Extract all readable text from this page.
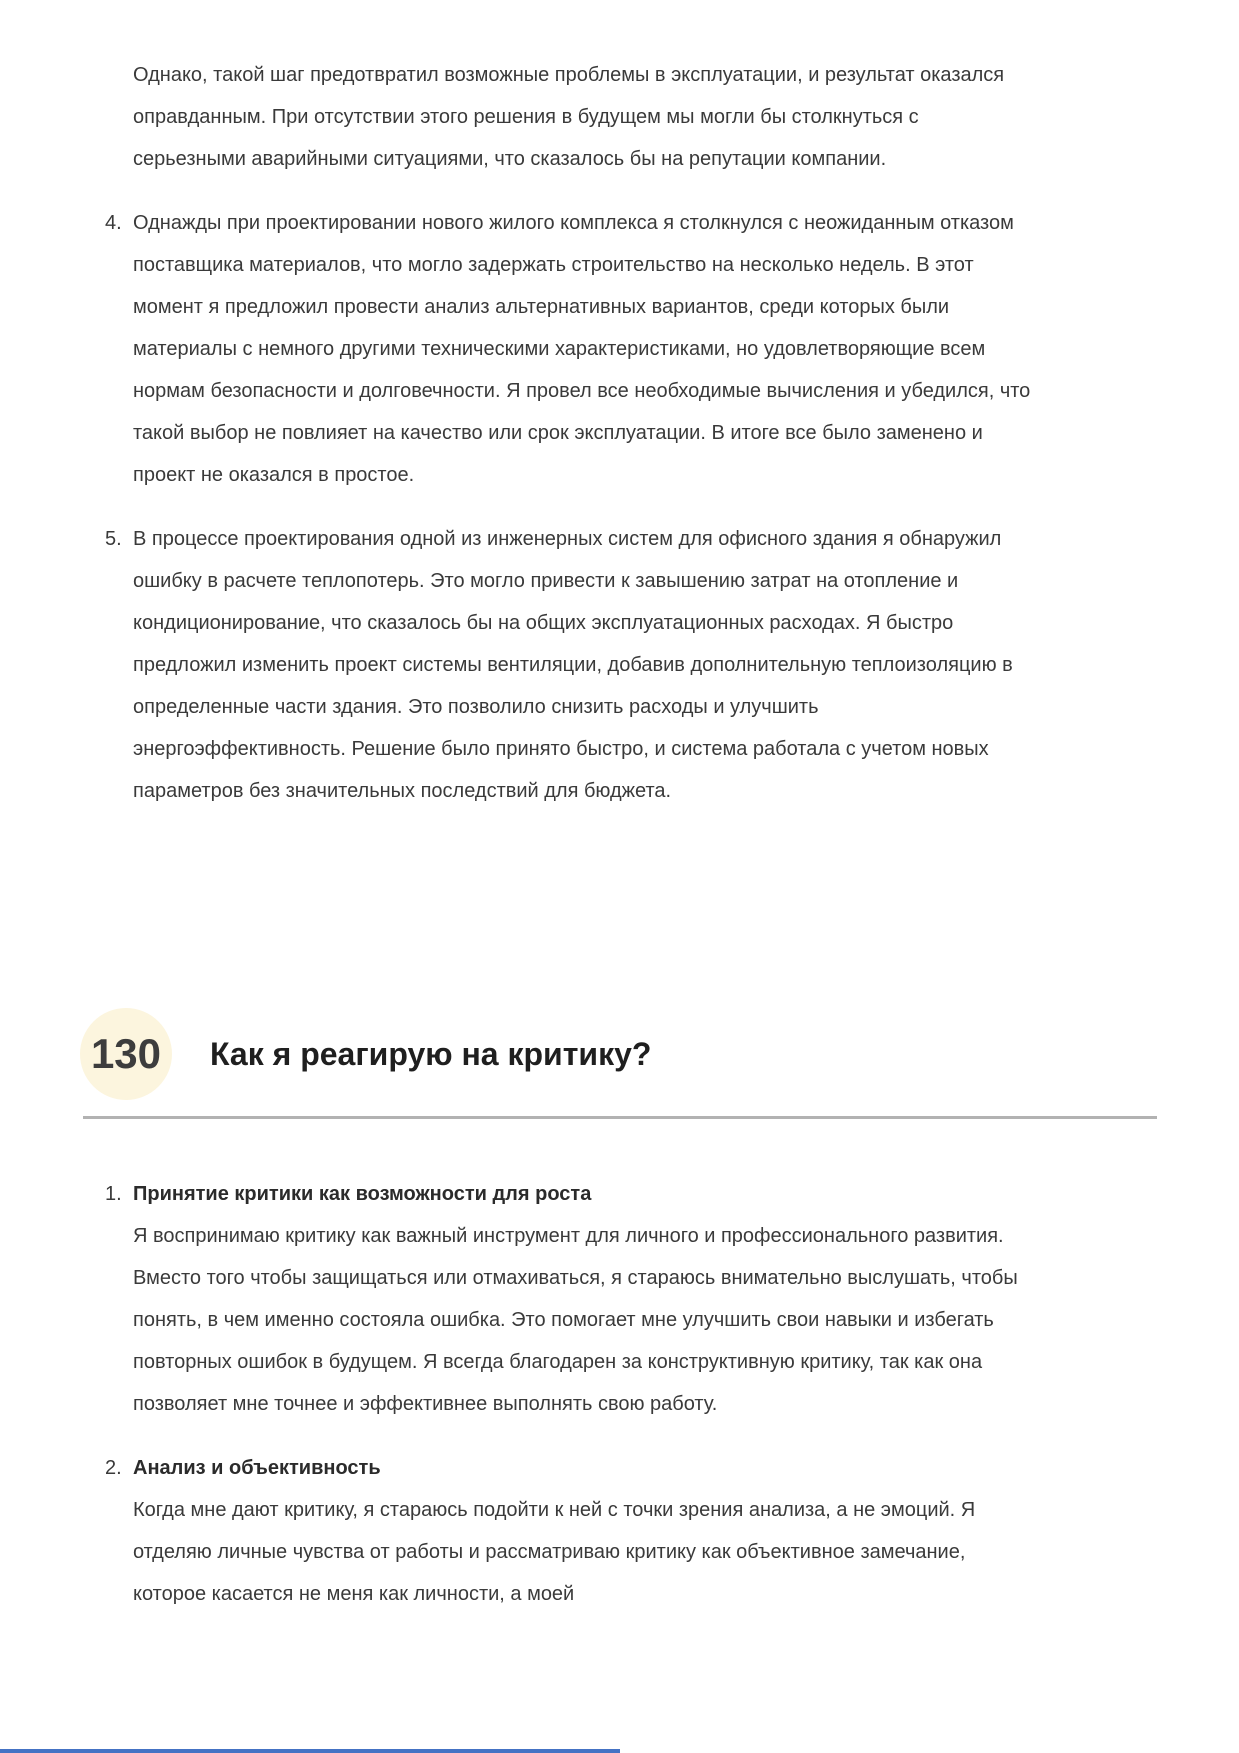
Однако, такой шаг предотвратил возможные проблемы в эксплуатации, и результат оказался оправданным. При отсутствии этого решения в будущем мы могли бы столкнуться с серьезными аварийными ситуациями, что сказалось бы на репутации компании.

4. Однажды при проектировании нового жилого комплекса я столкнулся с неожиданным отказом поставщика материалов, что могло задержать строительство на несколько недель. В этот момент я предложил провести анализ альтернативных вариантов, среди которых были материалы с немного другими техническими характеристиками, но удовлетворяющие всем нормам безопасности и долговечности. Я провел все необходимые вычисления и убедился, что такой выбор не повлияет на качество или срок эксплуатации. В итоге все было заменено и проект не оказался в простое.
5. В процессе проектирования одной из инженерных систем для офисного здания я обнаружил ошибку в расчете теплопотерь. Это могло привести к завышению затрат на отопление и кондиционирование, что сказалось бы на общих эксплуатационных расходах. Я быстро предложил изменить проект системы вентиляции, добавив дополнительную теплоизоляцию в определенные части здания. Это позволило снизить расходы и улучшить энергоэффективность. Решение было принято быстро, и система работала с учетом новых параметров без значительных последствий для бюджета.
130	Как я реагирую на критику?
1. Принятие критики как возможности для роста
Я воспринимаю критику как важный инструмент для личного и профессионального развития. Вместо того чтобы защищаться или отмахиваться, я стараюсь внимательно выслушать, чтобы понять, в чем именно состояла ошибка. Это помогает мне улучшить свои навыки и избегать повторных ошибок в будущем. Я всегда благодарен за конструктивную критику, так как она позволяет мне точнее и эффективнее выполнять свою работу.
2. Анализ и объективность
Когда мне дают критику, я стараюсь подойти к ней с точки зрения анализа, а не эмоций. Я отделяю личные чувства от работы и рассматриваю критику как объективное замечание, которое касается не меня как личности, а моей
